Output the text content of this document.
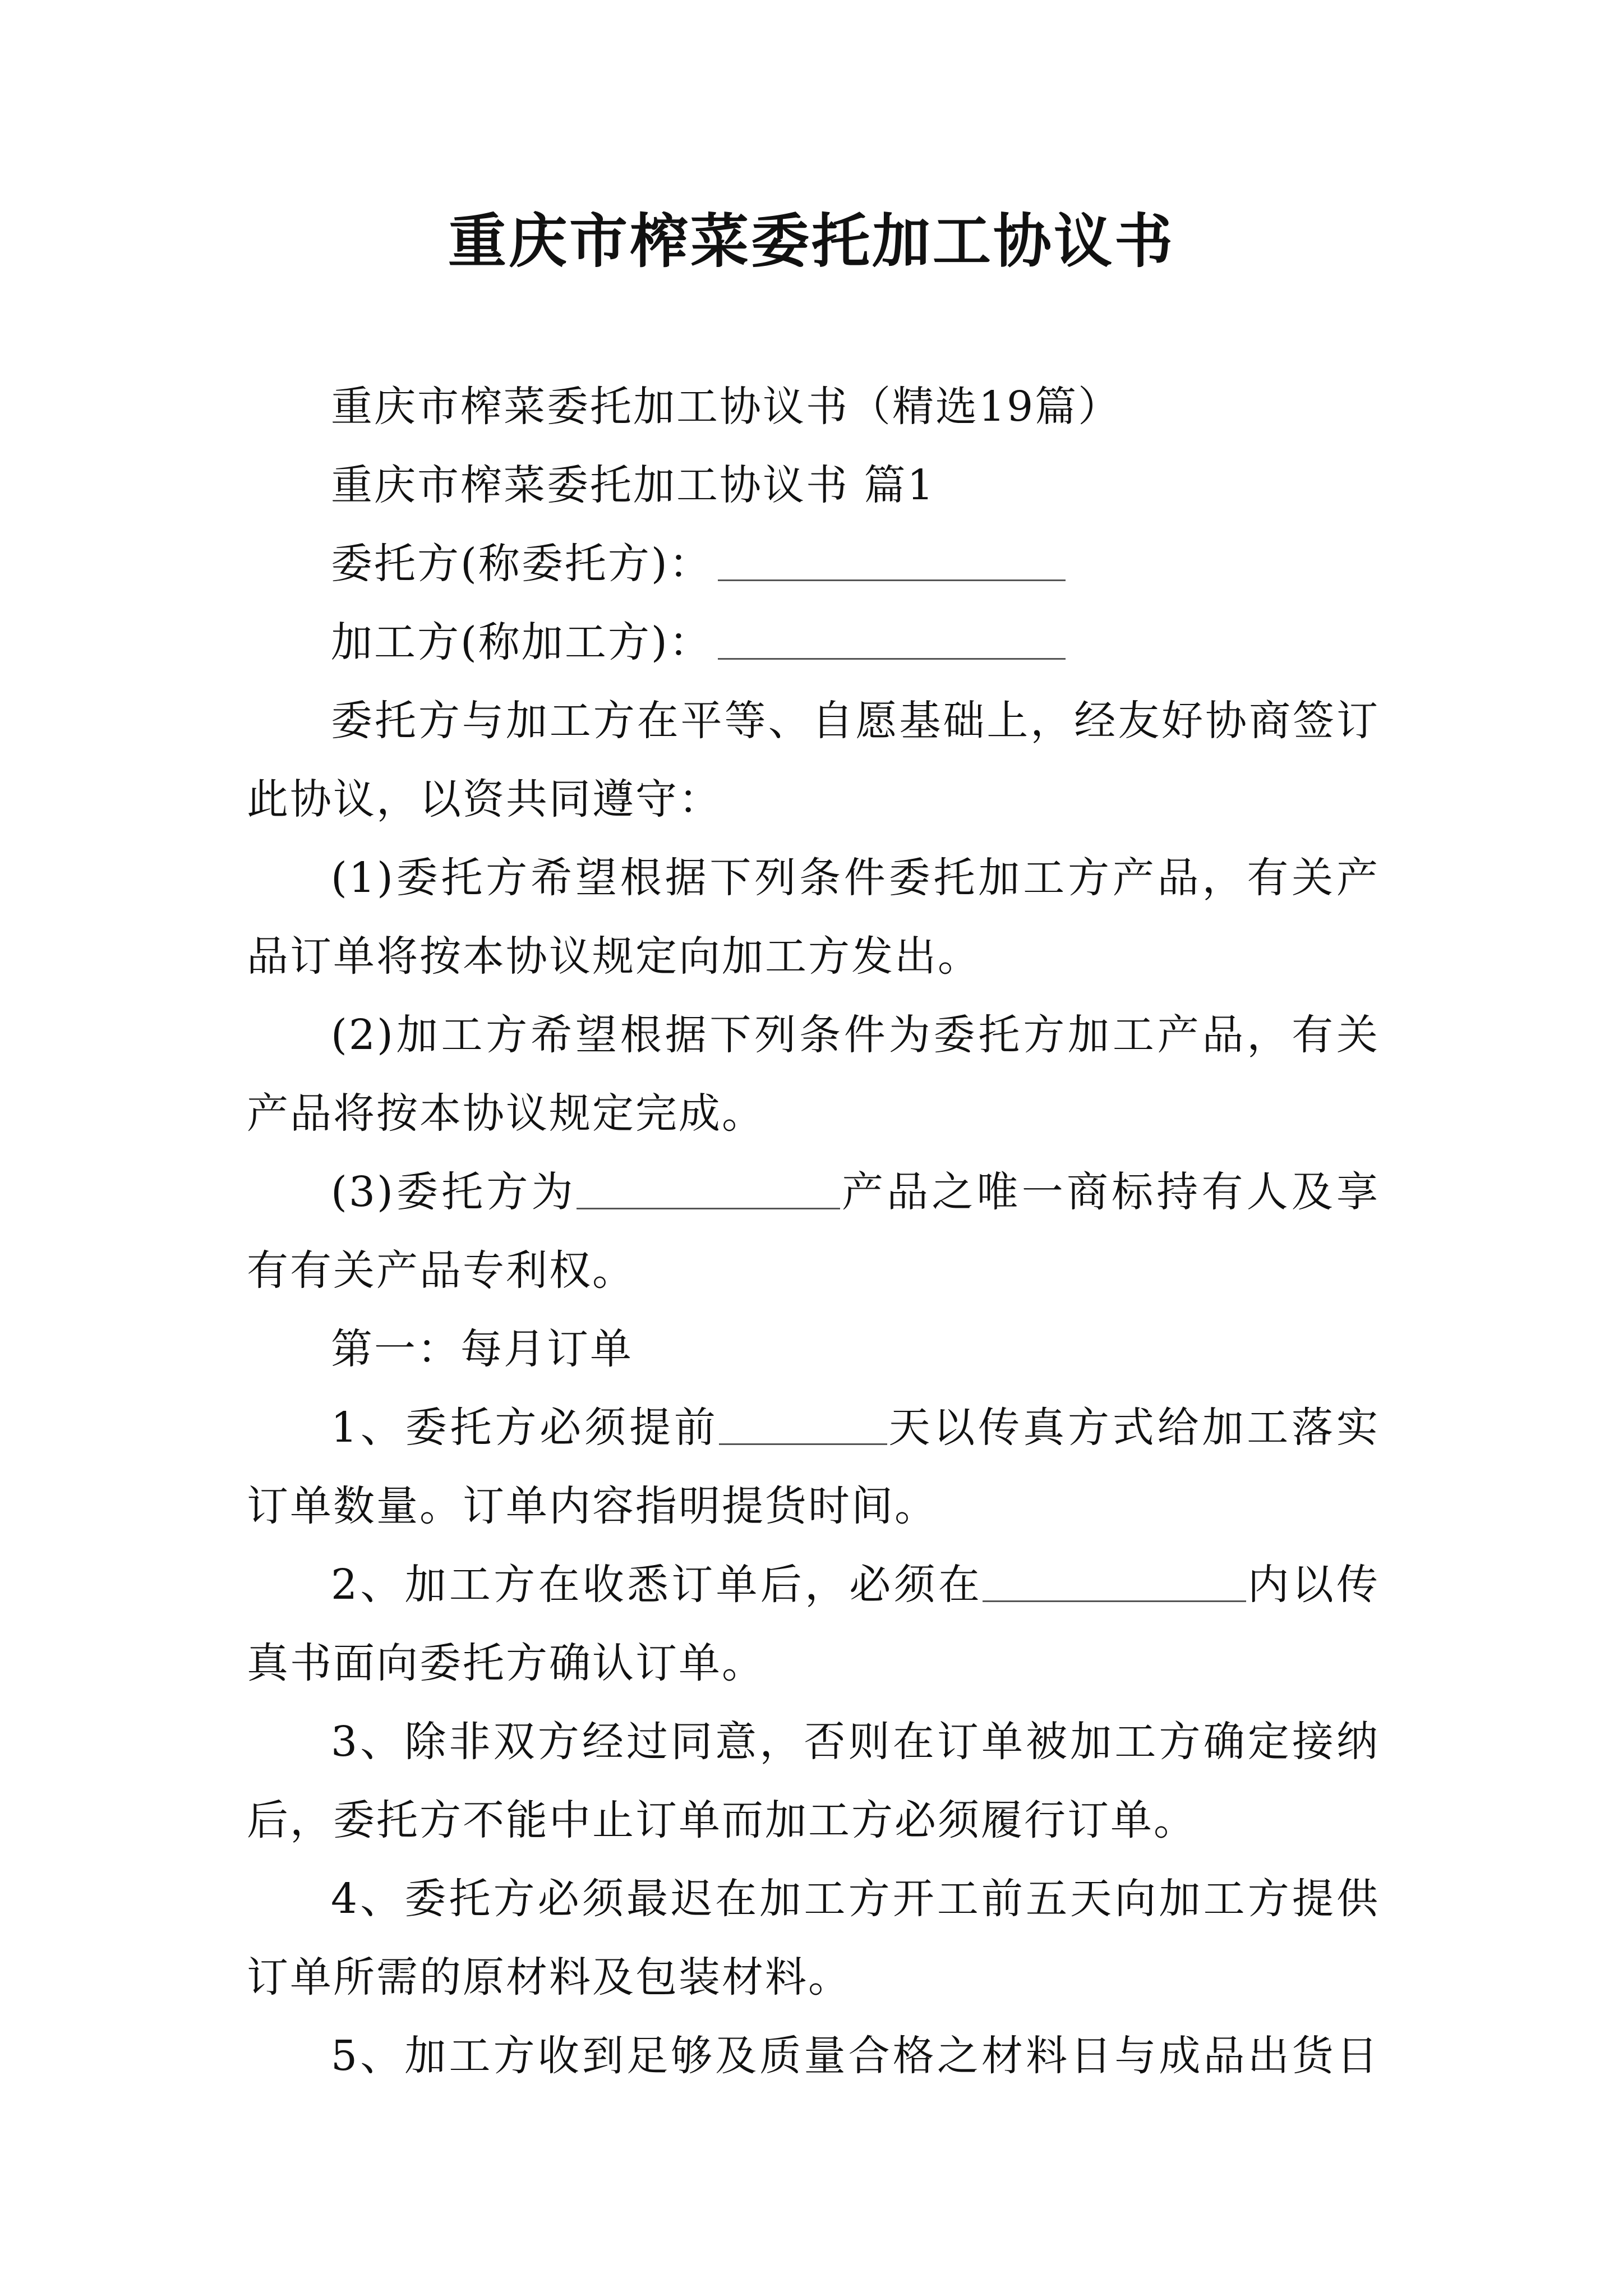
重庆市榨菜委托加工协议书
重庆市榨菜委托加工协议书（精选19篇）
重庆市榨菜委托加工协议书 篇1
委托方(称委托方)：
加工方(称加工方)：
委托方与加工方在平等、自愿基础上，经友好协商签订
此协议，以资共同遵守：
(1)委托方希望根据下列条件委托加工方产品，有关产
品订单将按本协议规定向加工方发出。
(2)加工方希望根据下列条件为委托方加工产品，有关
产品将按本协议规定完成。
(3)委托方为	产品之唯一商标持有人及享
有有关产品专利权。
第一：每月订单
1、委托方必须提前	天以传真方式给加工落实
订单数量。订单内容指明提货时间。
2、加工方在收悉订单后，必须在	内以传
真书面向委托方确认订单。
3、除非双方经过同意，否则在订单被加工方确定接纳
后，委托方不能中止订单而加工方必须履行订单。
4、委托方必须最迟在加工方开工前五天向加工方提供
订单所需的原材料及包装材料。
5、加工方收到足够及质量合格之材料日与成品出货日
